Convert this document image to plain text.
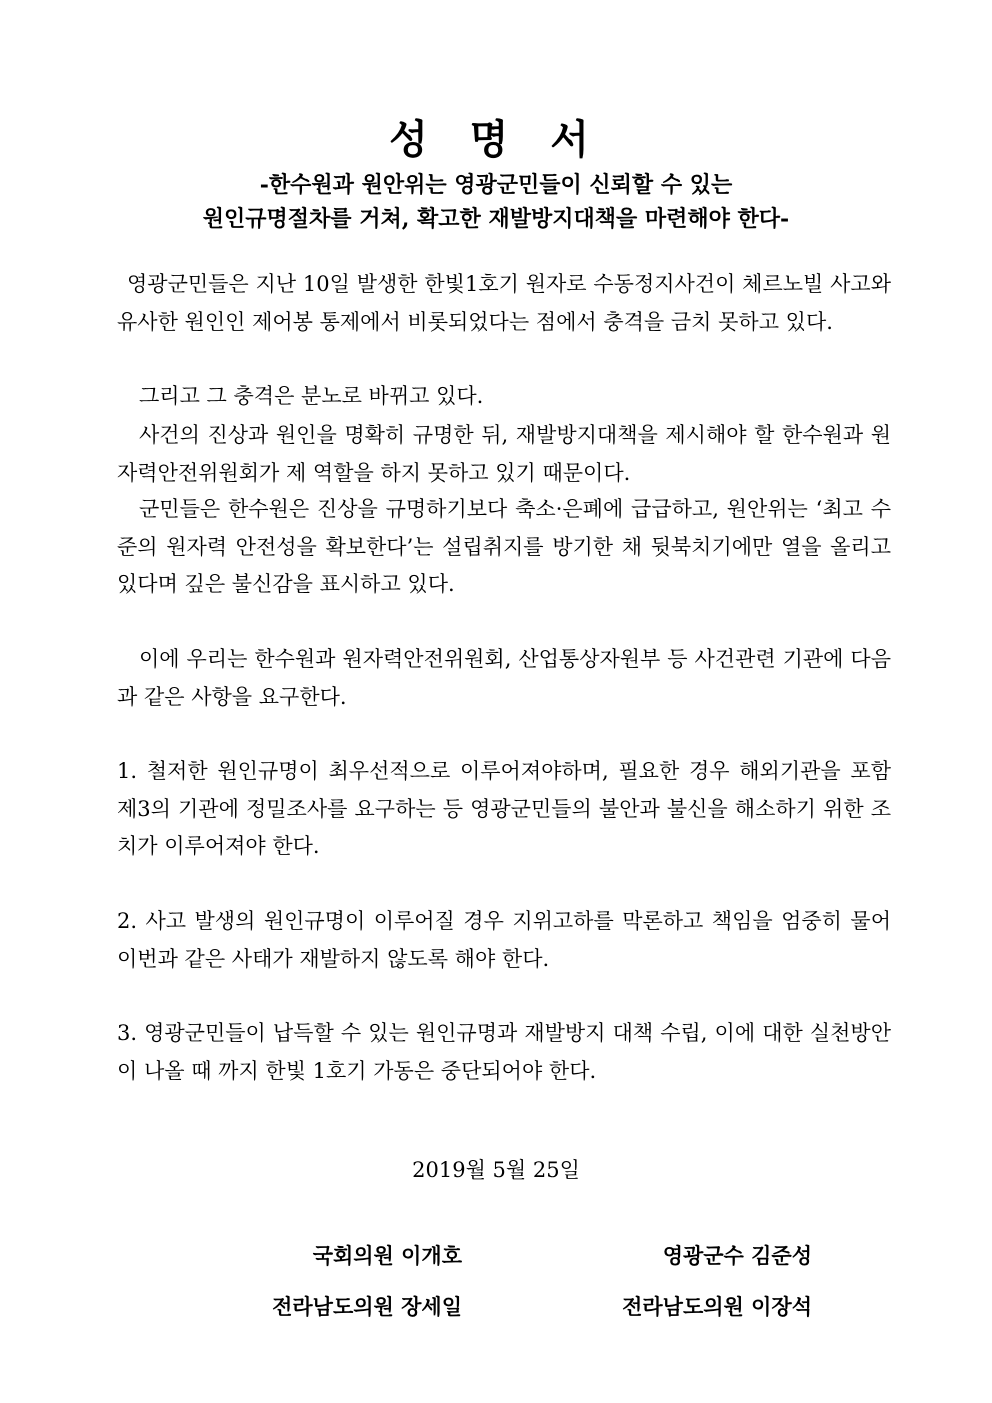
성 명 서
-한수원과 원안위는 영광군민들이 신뢰할 수 있는
원인규명절차를 거쳐, 확고한 재발방지대책을 마련해야 한다-
영광군민들은 지난 10일 발생한 한빛1호기 원자로 수동정지사건이 체르노빌 사고와 유사한 원인인 제어봉 통제에서 비롯되었다는 점에서 충격을 금치 못하고 있다.
그리고 그 충격은 분노로 바뀌고 있다.
사건의 진상과 원인을 명확히 규명한 뒤, 재발방지대책을 제시해야 할 한수원과 원자력안전위원회가 제 역할을 하지 못하고 있기 때문이다.
군민들은 한수원은 진상을 규명하기보다 축소·은폐에 급급하고, 원안위는 ‘최고 수준의 원자력 안전성을 확보한다’는 설립취지를 방기한 채 뒷북치기에만 열을 올리고 있다며 깊은 불신감을 표시하고 있다.
이에 우리는 한수원과 원자력안전위원회, 산업통상자원부 등 사건관련 기관에 다음과 같은 사항을 요구한다.
1. 철저한 원인규명이 최우선적으로 이루어져야하며, 필요한 경우 해외기관을 포함 제3의 기관에 정밀조사를 요구하는 등 영광군민들의 불안과 불신을 해소하기 위한 조치가 이루어져야 한다.
2. 사고 발생의 원인규명이 이루어질 경우 지위고하를 막론하고 책임을 엄중히 물어 이번과 같은 사태가 재발하지 않도록 해야 한다.
3. 영광군민들이 납득할 수 있는 원인규명과 재발방지 대책 수립, 이에 대한 실천방안이 나올 때 까지 한빛 1호기 가동은 중단되어야 한다.
2019월 5월 25일
국회의원 이개호	영광군수 김준성
전라남도의원 장세일	전라남도의원 이장석
